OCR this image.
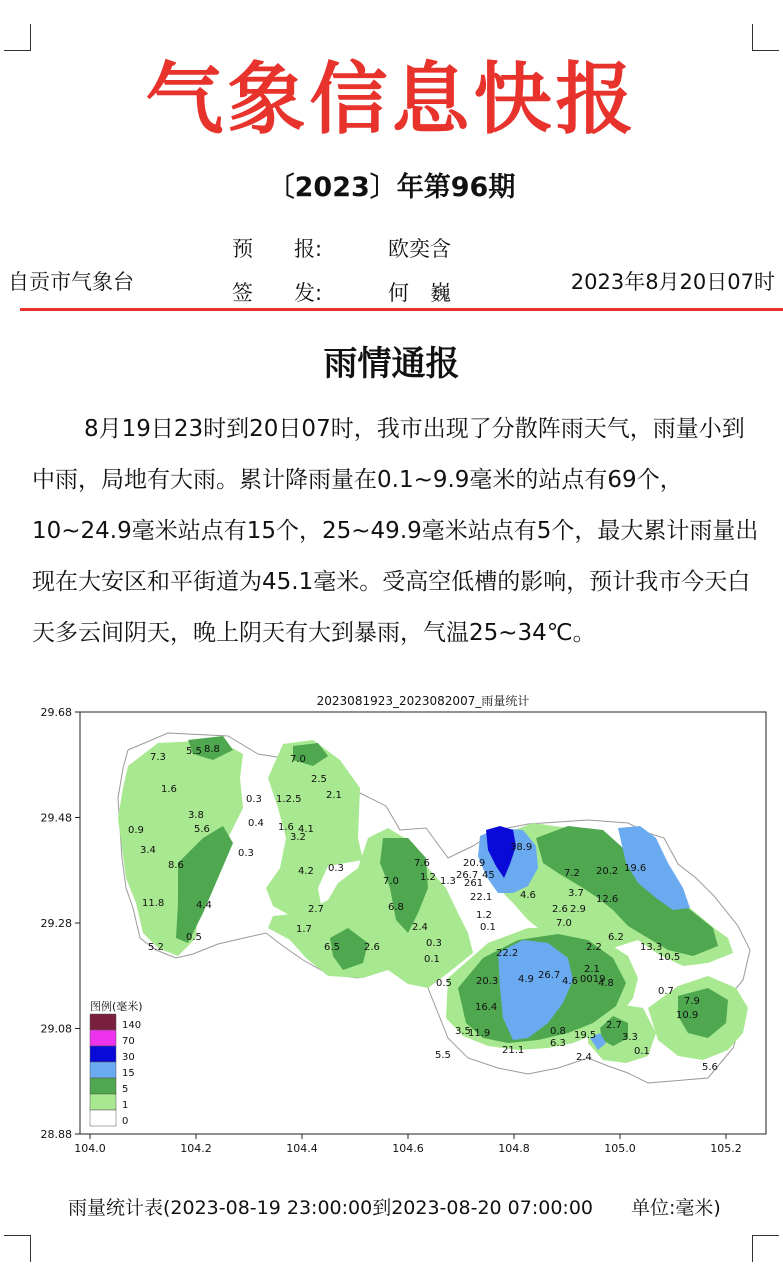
气象信息快报
〔2023〕年第96期
自贡市气象台
预 报:	欧奕含
签 发:	何　巍	2023年8月20日07时
雨情通报

8月19日23时到20日07时，我市出现了分散阵雨天气，雨量小到中雨，局地有大雨。累计降雨量在0.1~9.9毫米的站点有69个，10~24.9毫米站点有15个，25~49.9毫米站点有5个，最大累计雨量出现在大安区和平街道为45.1毫米。受高空低槽的影响，预计我市今天白天多云间阴天，晚上阴天有大到暴雨，气温25~34℃。

2023081923_2023082007_雨量统计
104.0	104.2	104.4	104.6	104.8	105.0	105.2
29.68
29.48
29.28
29.08
28.88
7.3
5.5 8.8
1.6
0.3
3.8
0.9	5.6
0.4
3.4	0.3
8.6
11.8	4.4
5.2
0.5
7.0
2.5
2.1
1.2.5
1.6 4.1
3.2
4.2 0.3
2.7
1.7
6.5 2.6
7.6
1.2
7.0	1.3
6.8
2.4
0.3
0.1
0.5
20.9
26.7 45
261
22.1	4.6
1.2
0.1
38.9
7.2 20.2 19.6
3.7
12.6
2.9
2.6
7.0
6.2
22.2
2.2	13.3
10.5
20.3 4.9 26.7
2.1
4.6 0019
4.8
0.7
2.7
7.9
16.4
3.5
11.9	0.8 19.5	3.3
10.9
6.3
21.1
2.4
0.1
5.5
5.6
图例(毫米)
140
70
30
15
5
1
0
雨量统计表(2023-08-19 23:00:00到2023-08-20 07:00:00 单位:毫米)
